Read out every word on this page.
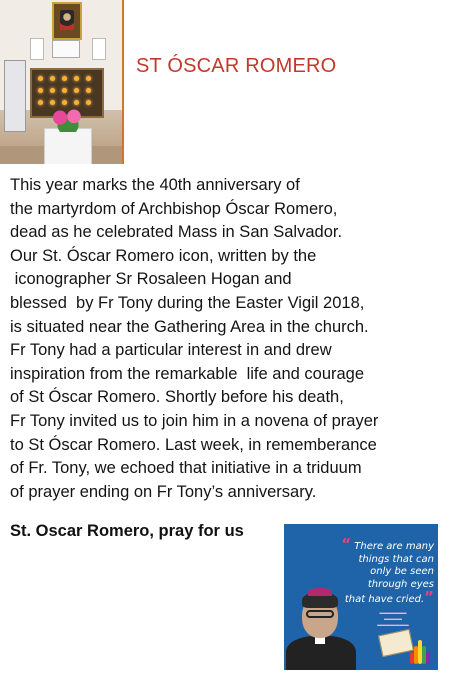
ST ÓSCAR ROMERO

This year marks the 40th anniversary of
the martyrdom of Archbishop Óscar Romero,
dead as he celebrated Mass in San Salvador.
Our St. Óscar Romero icon, written by the
iconographer Sr Rosaleen Hogan and
blessed  by Fr Tony during the Easter Vigil 2018,
is situated near the Gathering Area in the church.
Fr Tony had a particular interest in and drew
inspiration from the remarkable  life and courage
of St Óscar Romero. Shortly before his death,
Fr Tony invited us to join him in a novena of prayer
to St Óscar Romero. Last week, in rememberance
of Fr. Tony, we echoed that initiative in a triduum
of prayer ending on Fr Tony’s anniversary.

St. Oscar Romero, pray for us

“ There are many
things that can
only be seen
through eyes
that have cried.”

▬▬▬▬▬▬
▬▬▬▬
▬▬▬▬▬▬▬
